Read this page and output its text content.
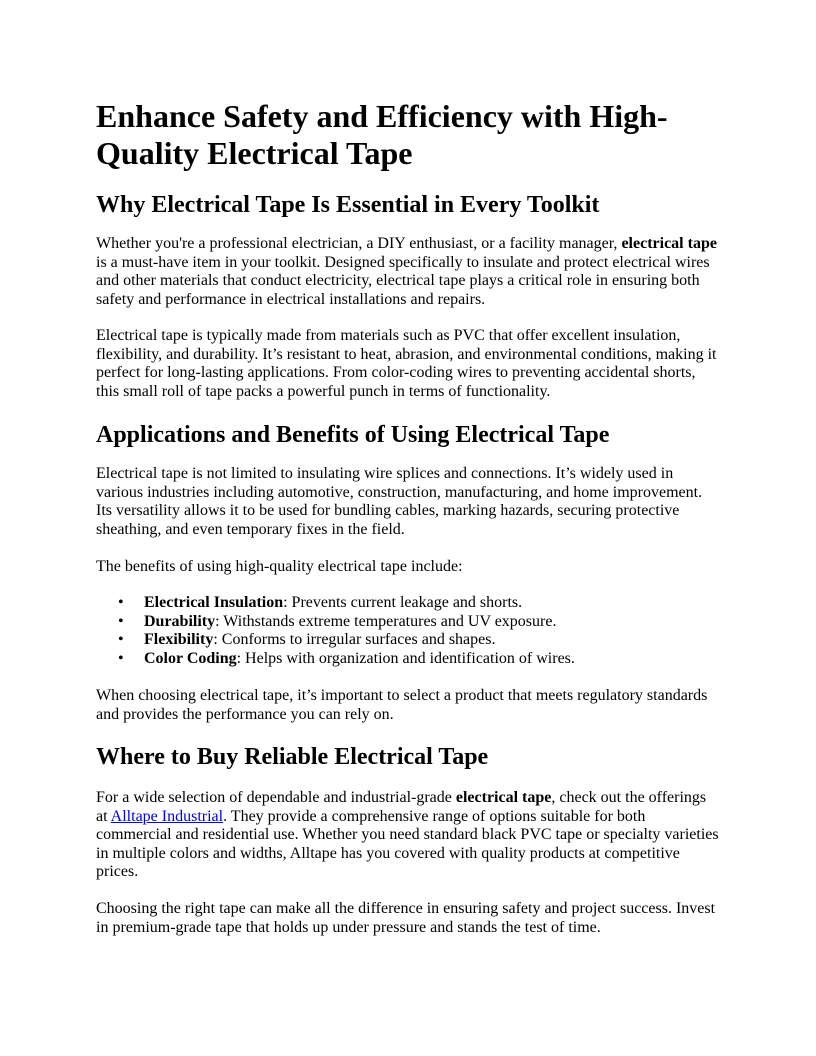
Enhance Safety and Efficiency with High-
Quality Electrical Tape
Why Electrical Tape Is Essential in Every Toolkit

Whether you're a professional electrician, a DIY enthusiast, or a facility manager, electrical tape
is a must-have item in your toolkit. Designed specifically to insulate and protect electrical wires
and other materials that conduct electricity, electrical tape plays a critical role in ensuring both
safety and performance in electrical installations and repairs.

Electrical tape is typically made from materials such as PVC that offer excellent insulation,
flexibility, and durability. It’s resistant to heat, abrasion, and environmental conditions, making it
perfect for long-lasting applications. From color-coding wires to preventing accidental shorts,
this small roll of tape packs a powerful punch in terms of functionality.

Applications and Benefits of Using Electrical Tape

Electrical tape is not limited to insulating wire splices and connections. It’s widely used in
various industries including automotive, construction, manufacturing, and home improvement.
Its versatility allows it to be used for bundling cables, marking hazards, securing protective
sheathing, and even temporary fixes in the field.

The benefits of using high-quality electrical tape include:

• Electrical Insulation: Prevents current leakage and shorts.
• Durability: Withstands extreme temperatures and UV exposure.
• Flexibility: Conforms to irregular surfaces and shapes.
• Color Coding: Helps with organization and identification of wires.

When choosing electrical tape, it’s important to select a product that meets regulatory standards
and provides the performance you can rely on.

Where to Buy Reliable Electrical Tape

For a wide selection of dependable and industrial-grade electrical tape, check out the offerings
at Alltape Industrial. They provide a comprehensive range of options suitable for both
commercial and residential use. Whether you need standard black PVC tape or specialty varieties
in multiple colors and widths, Alltape has you covered with quality products at competitive
prices.

Choosing the right tape can make all the difference in ensuring safety and project success. Invest
in premium-grade tape that holds up under pressure and stands the test of time.
